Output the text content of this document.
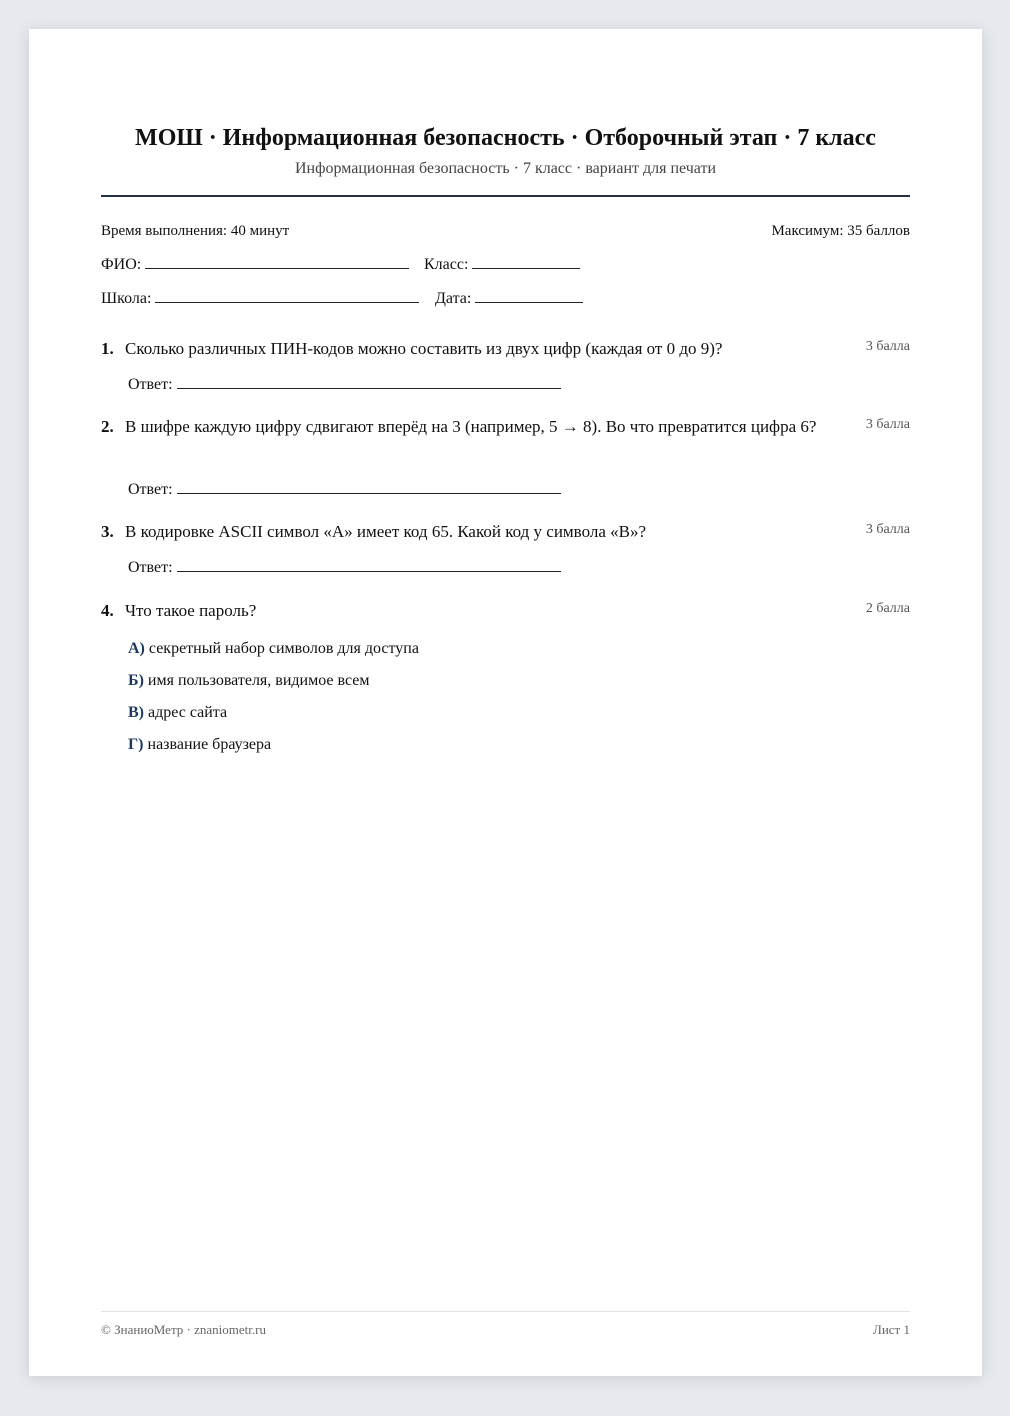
МОШ · Информационная безопасность · Отборочный этап · 7 класс
Информационная безопасность · 7 класс · вариант для печати
Время выполнения: 40 минут	Максимум: 35 баллов
ФИО:	Класс:
Школа:	Дата:
1. Сколько различных ПИН-кодов можно составить из двух цифр (каждая от 0 до 9)?	3 балла
Ответ:
2. В шифре каждую цифру сдвигают вперёд на 3 (например, 5 → 8). Во что превратится цифра 6?	3 балла
Ответ:
3. В кодировке ASCII символ «A» имеет код 65. Какой код у символа «B»?	3 балла
Ответ:
4. Что такое пароль?	2 балла
А) секретный набор символов для доступа
Б) имя пользователя, видимое всем
В) адрес сайта
Г) название браузера
© ЗнаниоМетр · znaniometr.ru	Лист 1
